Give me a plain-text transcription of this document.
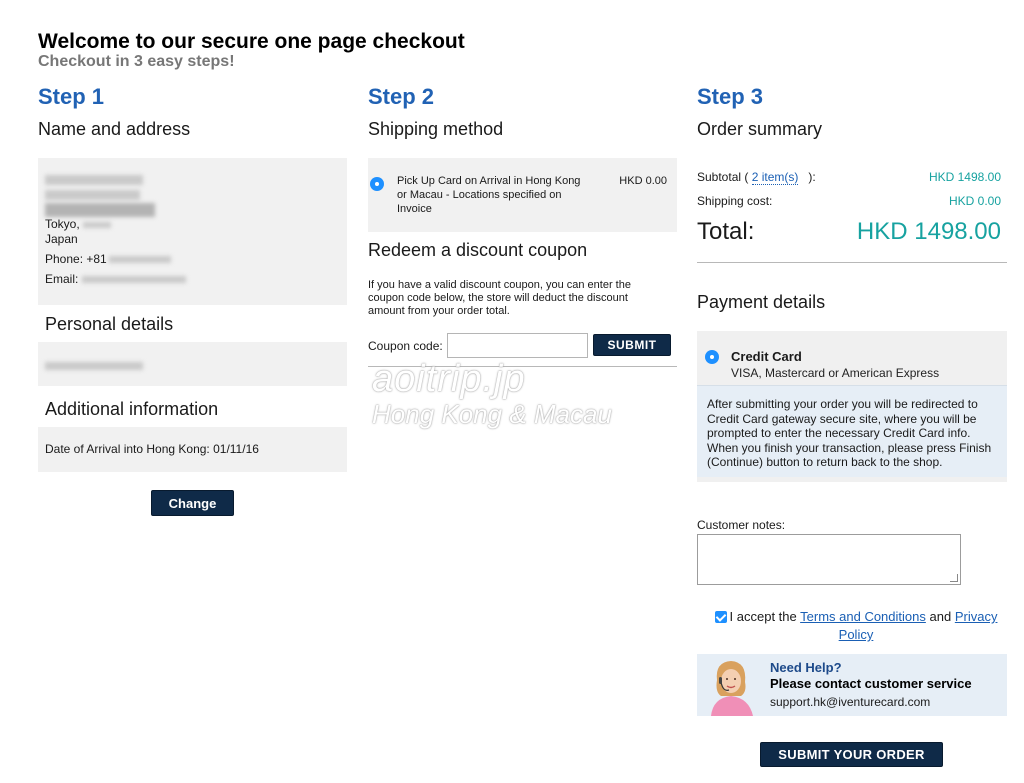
Welcome to our secure one page checkout
Checkout in 3 easy steps!
Step 1
Name and address
Tokyo,
Japan
Phone: +81
Email:
Personal details
Additional information
Date of Arrival into Hong Kong: 01/11/16
Change
Step 2
Shipping method
Pick Up Card on Arrival in Hong Kong or Macau - Locations specified on Invoice
HKD 0.00
Redeem a discount coupon
If you have a valid discount coupon, you can enter the coupon code below, the store will deduct the discount amount from your order total.
Coupon code:	SUBMIT
aoitrip.jp
Hong Kong & Macau
Step 3
Order summary
Subtotal ( 2 item(s) ):	HKD 1498.00
Shipping cost:	HKD 0.00
Total:	HKD 1498.00
Payment details
Credit Card
VISA, Mastercard or American Express
After submitting your order you will be redirected to Credit Card gateway secure site, where you will be prompted to enter the necessary Credit Card info. When you finish your transaction, please press Finish (Continue) button to return back to the shop.
Customer notes:
I accept the Terms and Conditions and Privacy Policy
Need Help?
Please contact customer service
support.hk@iventurecard.com
SUBMIT YOUR ORDER
